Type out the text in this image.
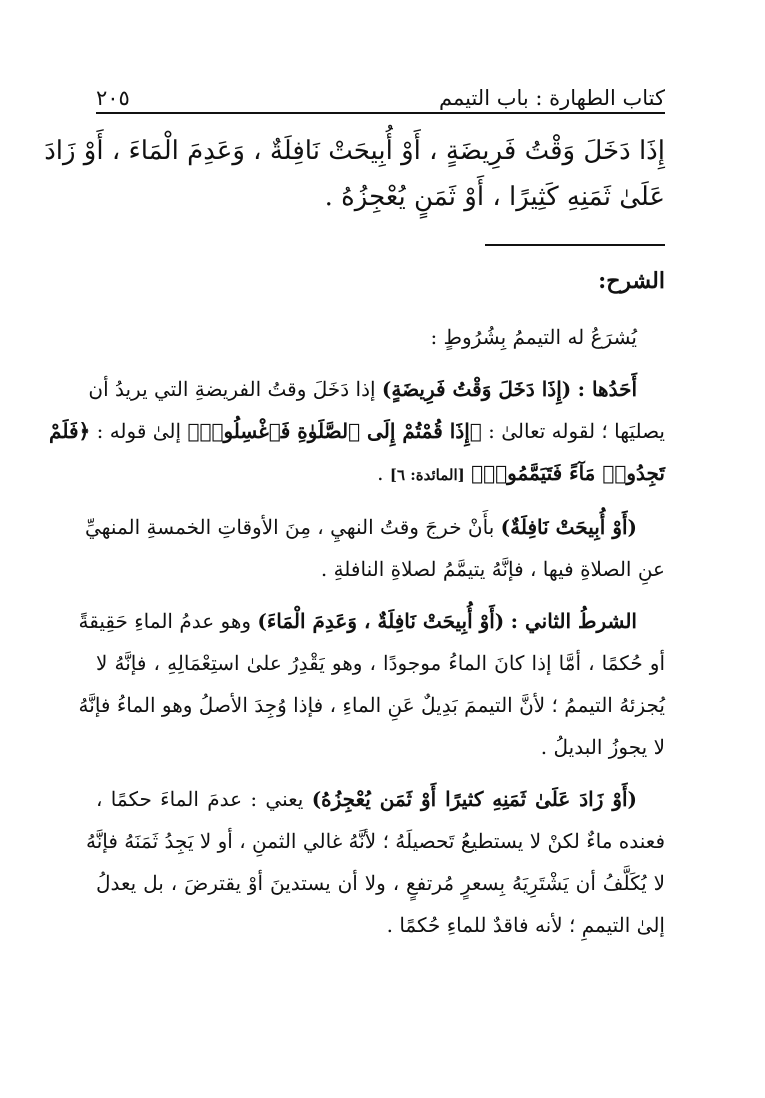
كتاب الطهارة : باب التيمم
٢٠٥
إِذَا دَخَلَ وَقْتُ فَرِيضَةٍ ، أَوْ أُبِيحَتْ نَافِلَةٌ ، وَعَدِمَ الْمَاءَ ، أَوْ زَادَ
عَلَىٰ ثَمَنِهِ كَثِيرًا ، أَوْ ثَمَنٍ يُعْجِزُهُ .
الشرح:

يُشرَعُ له التيممُ بِشُرُوطٍ :

أَحَدُها : (إِذَا دَخَلَ وَقْتُ فَرِيضَةٍ) إذا دَخَلَ وقتُ الفريضةِ التي يريدُ أن
يصليَها ؛ لقوله تعالىٰ : ﴿إِذَا قُمْتُمْ إِلَى ٱلصَّلَوٰةِ فَٱغْسِلُوا۟﴾ إلىٰ قوله : ﴿فَلَمْ
تَجِدُوا۟ مَآءً فَتَيَمَّمُوا۟﴾ [المائدة: ٦] .

(أَوْ أُبِيحَتْ نَافِلَةٌ) بأَنْ خرجَ وقتُ النهيِ ، مِنَ الأوقاتِ الخمسةِ المنهيِّ
عنِ الصلاةِ فيها ، فإنَّهُ يتيمَّمُ لصلاةِ النافلةِ .

الشرطُ الثاني : (أَوْ أُبِيحَتْ نَافِلَةٌ ، وَعَدِمَ الْمَاءَ) وهو عدمُ الماءِ حَقِيقةً
أو حُكمًا ، أمَّا إذا كانَ الماءُ موجودًا ، وهو يَقْدِرُ علىٰ استِعْمَالِهِ ، فإنَّهُ لا
يُجزئهُ التيممُ ؛ لأنَّ التيممَ بَدِيلٌ عَنِ الماءِ ، فإذا وُجِدَ الأصلُ وهو الماءُ فإنَّهُ
لا يجوزُ البديلُ .

(أَوْ زَادَ عَلَىٰ ثَمَنِهِ كثيرًا أَوْ ثَمَن يُعْجِزُهُ) يعني : عدمَ الماءَ حكمًا ،
فعنده ماءٌ لكنْ لا يستطيعُ تَحصيلَهُ ؛ لأنَّهُ غالي الثمنِ ، أو لا يَجِدُ ثَمَنَهُ فإنَّهُ
لا يُكَلَّفُ أن يَشْتَرِيَهُ بِسعرٍ مُرتفعٍ ، ولا أن يستدينَ أوْ يقترضَ ، بل يعدلُ
إلىٰ التيممِ ؛ لأنه فاقدٌ للماءِ حُكمًا .
